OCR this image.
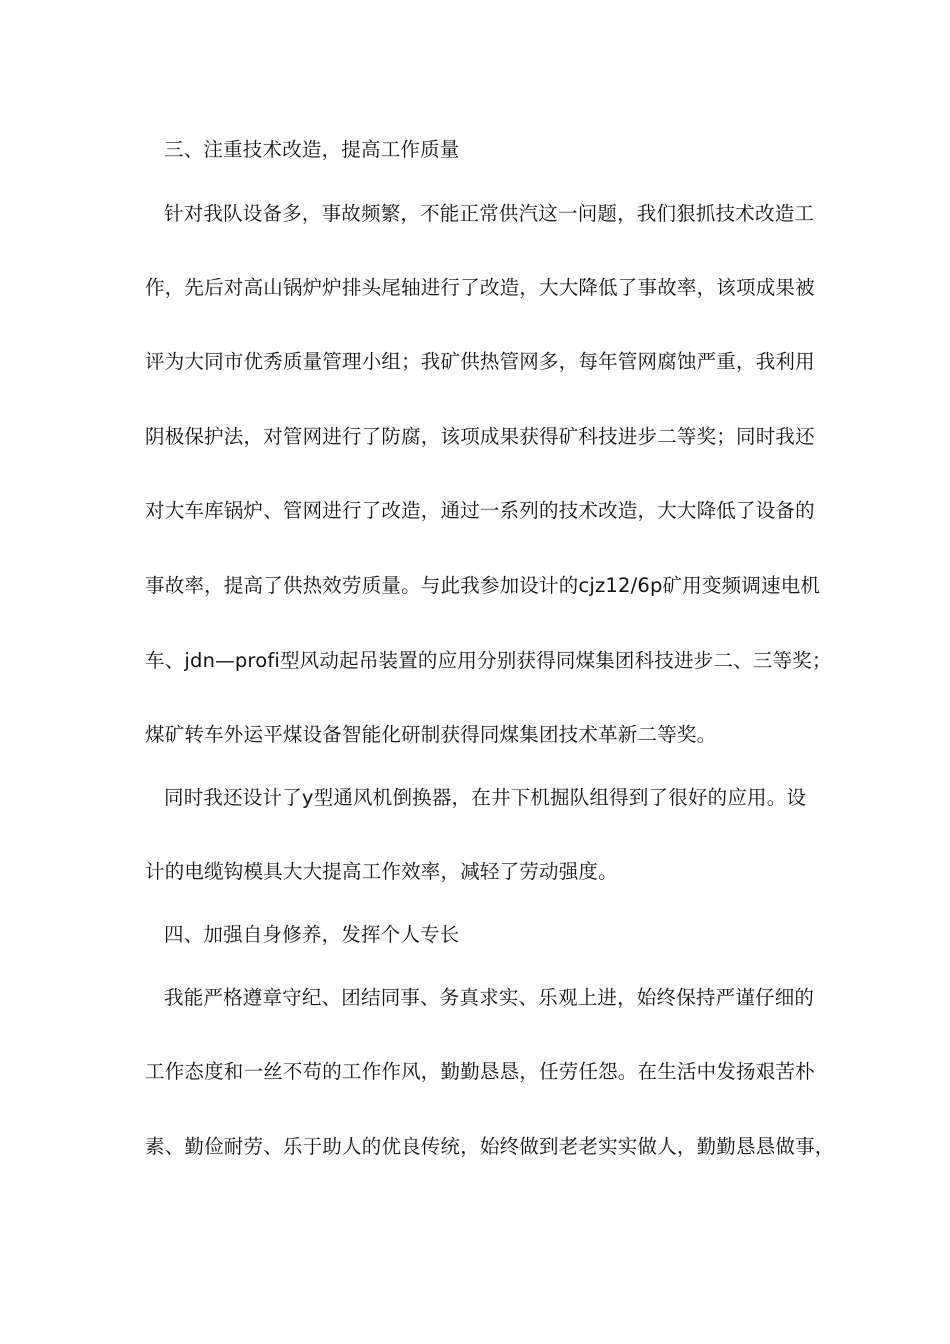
三、注重技术改造，提高工作质量
针对我队设备多，事故频繁，不能正常供汽这一问题，我们狠抓技术改造工
作，先后对高山锅炉炉排头尾轴进行了改造，大大降低了事故率，该项成果被
评为大同市优秀质量管理小组；我矿供热管网多，每年管网腐蚀严重，我利用
阴极保护法，对管网进行了防腐，该项成果获得矿科技进步二等奖；同时我还
对大车库锅炉、管网进行了改造，通过一系列的技术改造，大大降低了设备的
事故率，提高了供热效劳质量。与此我参加设计的cjz12/6p矿用变频调速电机
车、jdn—profi型风动起吊装置的应用分别获得同煤集团科技进步二、三等奖；
煤矿转车外运平煤设备智能化研制获得同煤集团技术革新二等奖。
同时我还设计了y型通风机倒换器，在井下机掘队组得到了很好的应用。设
计的电缆钩模具大大提高工作效率，减轻了劳动强度。
四、加强自身修养，发挥个人专长
我能严格遵章守纪、团结同事、务真求实、乐观上进，始终保持严谨仔细的
工作态度和一丝不苟的工作作风，勤勤恳恳，任劳任怨。在生活中发扬艰苦朴
素、勤俭耐劳、乐于助人的优良传统，始终做到老老实实做人，勤勤恳恳做事，
